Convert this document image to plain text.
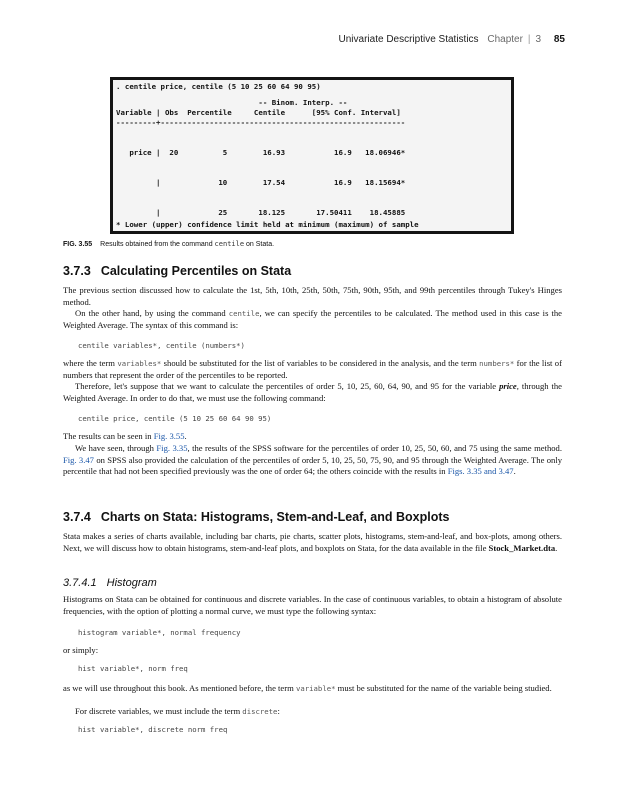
Univariate Descriptive Statistics Chapter | 3 85
. centile price, centile (5 10 25 60 64 90 95)
-- Binom. Interp. --
Variable | Obs  Percentile     Centile      [95% Conf. Interval]
---------+-------------------------------------------------------

price |  20          5        16.93           16.9   18.06946*

|             10        17.54           16.9   18.15694*

|             25       18.125       17.50411    18.45885

* Lower (upper) confidence limit held at minimum (maximum) of sample
FIG. 3.55 Results obtained from the command centile on Stata.
3.7.3 Calculating Percentiles on Stata
The previous section discussed how to calculate the 1st, 5th, 10th, 25th, 50th, 75th, 90th, 95th, and 99th percentiles through Tukey's Hinges method.
On the other hand, by using the command centile, we can specify the percentiles to be calculated. The method used in this case is the Weighted Average. The syntax of this command is:
centile variables*, centile (numbers*)
where the term variables* should be substituted for the list of variables to be considered in the analysis, and the term numbers* for the list of numbers that represent the order of the percentiles to be reported.
Therefore, let's suppose that we want to calculate the percentiles of order 5, 10, 25, 60, 64, 90, and 95 for the variable price, through the Weighted Average. In order to do that, we must use the following command:
centile price, centile (5 10 25 60 64 90 95)
The results can be seen in Fig. 3.55.
We have seen, through Fig. 3.35, the results of the SPSS software for the percentiles of order 10, 25, 50, 60, and 75 using the same method. Fig. 3.47 on SPSS also provided the calculation of the percentiles of order 5, 10, 25, 50, 75, 90, and 95 through the Weighted Average. The only percentile that had not been specified previously was the one of order 64; the others coincide with the results in Figs. 3.35 and 3.47.
3.7.4 Charts on Stata: Histograms, Stem-and-Leaf, and Boxplots
Stata makes a series of charts available, including bar charts, pie charts, scatter plots, histograms, stem-and-leaf, and box-plots, among others. Next, we will discuss how to obtain histograms, stem-and-leaf plots, and boxplots on Stata, for the data available in the file Stock_Market.dta.
3.7.4.1 Histogram
Histograms on Stata can be obtained for continuous and discrete variables. In the case of continuous variables, to obtain a histogram of absolute frequencies, with the option of plotting a normal curve, we must type the following syntax:
histogram variable*, normal frequency
or simply:
hist variable*, norm freq
as we will use throughout this book. As mentioned before, the term variable* must be substituted for the name of the variable being studied.
For discrete variables, we must include the term discrete:
hist variable*, discrete norm freq
